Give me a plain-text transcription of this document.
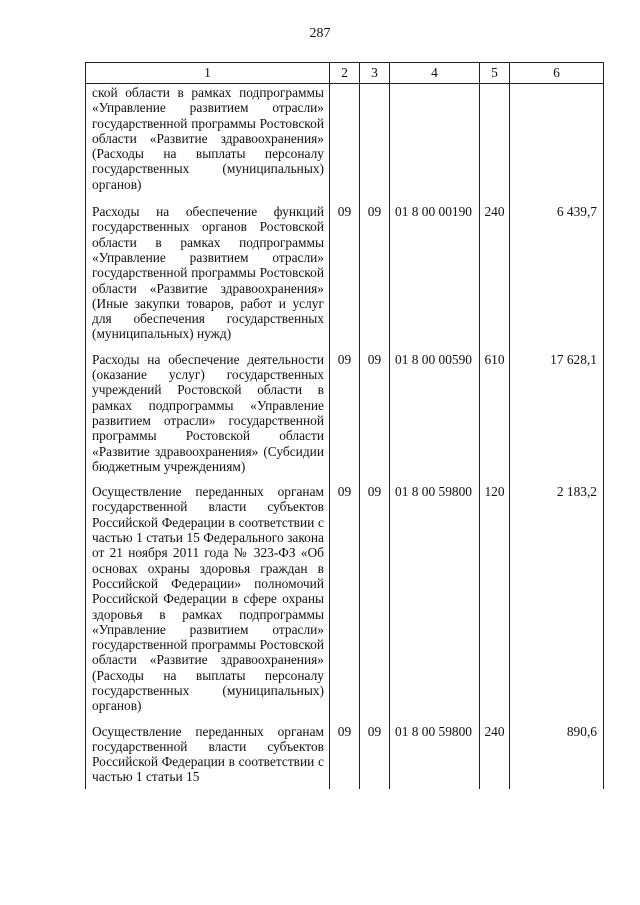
287
1	2	3	4	5	6
ской области в рамках подпрограммы «Управление развитием отрасли» государственной программы Ростовской области «Развитие здравоохранения» (Расходы на выплаты персоналу государственных (муниципальных) органов)					
Расходы на обеспечение функций государственных органов Ростовской области в рамках подпрограммы «Управление развитием отрасли» государственной программы Ростовской области «Развитие здравоохранения» (Иные закупки товаров, работ и услуг для обеспечения государственных (муниципальных) нужд)	09	09	01 8 00 00190	240	6 439,7
Расходы на обеспечение деятельности (оказание услуг) государственных учреждений Ростовской области в рамках подпрограммы «Управление развитием отрасли» государственной программы Ростовской области «Развитие здравоохранения» (Субсидии бюджетным учреждениям)	09	09	01 8 00 00590	610	17 628,1
Осуществление переданных органам государственной власти субъектов Российской Федерации в соответствии с частью 1 статьи 15 Федерального закона от 21 ноября 2011 года № 323-ФЗ «Об основах охраны здоровья граждан в Российской Федерации» полномочий Российской Федерации в сфере охраны здоровья в рамках подпрограммы «Управление развитием отрасли» государственной программы Ростовской области «Развитие здравоохранения» (Расходы на выплаты персоналу государственных (муниципальных) органов)	09	09	01 8 00 59800	120	2 183,2
Осуществление переданных органам государственной власти субъектов Российской Федерации в соответствии с частью 1 статьи 15	09	09	01 8 00 59800	240	890,6
